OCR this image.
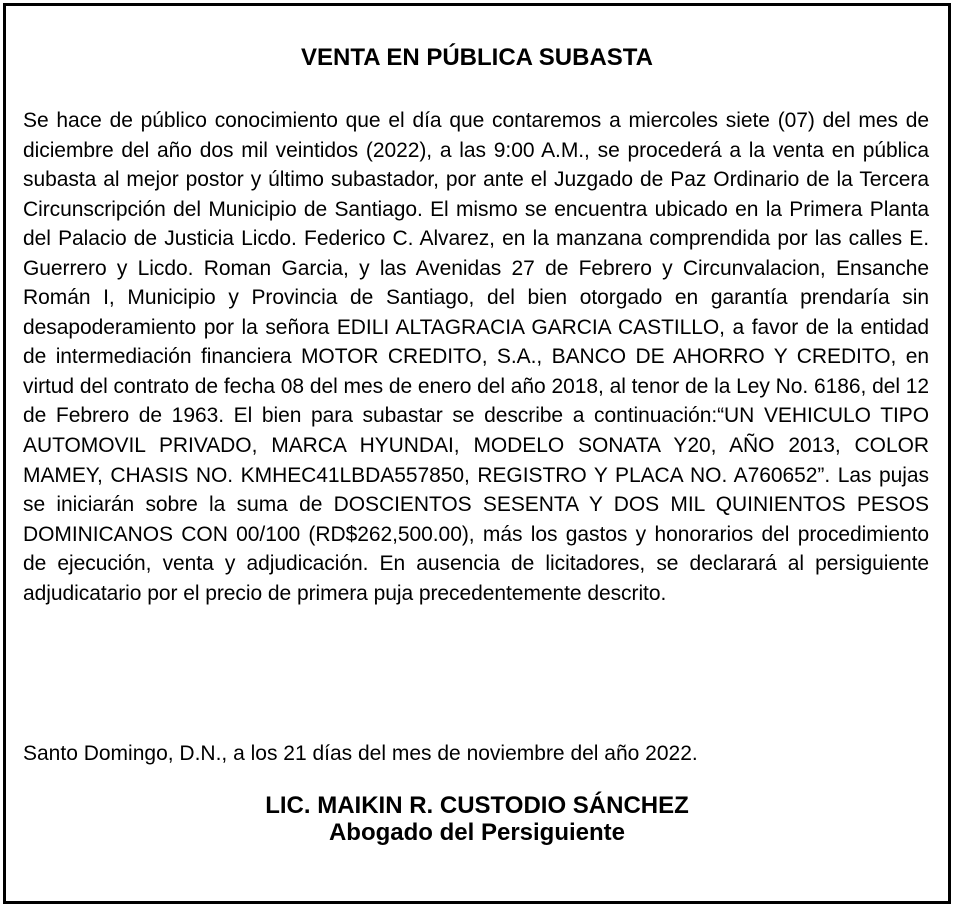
VENTA EN PÚBLICA SUBASTA

Se hace de público conocimiento que el día que contaremos a miercoles siete (07) del mes de diciembre del año dos mil veintidos (2022), a las 9:00 A.M., se procederá a la venta en pública subasta al mejor postor y último subastador, por ante el Juzgado de Paz Ordinario de la Tercera Circunscripción del Municipio de Santiago. El mismo se encuentra ubicado en la Primera Planta del Palacio de Justicia Licdo. Federico C. Alvarez, en la manzana comprendida por las calles E. Guerrero y Licdo. Roman Garcia, y las Avenidas 27 de Febrero y Circunvalacion, Ensanche Román I, Municipio y Provincia de Santiago, del bien otorgado en garantía prendaría sin desapoderamiento por la señora EDILI ALTAGRACIA GARCIA CASTILLO, a favor de la entidad de intermediación financiera MOTOR CREDITO, S.A., BANCO DE AHORRO Y CREDITO, en virtud del contrato de fecha 08 del mes de enero del año 2018, al tenor de la Ley No. 6186, del 12 de Febrero de 1963. El bien para subastar se describe a continuación:“UN VEHICULO TIPO AUTOMOVIL PRIVADO, MARCA HYUNDAI, MODELO SONATA Y20, AÑO 2013, COLOR MAMEY, CHASIS NO. KMHEC41LBDA557850, REGISTRO Y PLACA NO. A760652”. Las pujas se iniciarán sobre la suma de DOSCIENTOS SESENTA Y DOS MIL QUINIENTOS PESOS DOMINICANOS CON 00/100 (RD$262,500.00), más los gastos y honorarios del procedimiento de ejecución, venta y adjudicación. En ausencia de licitadores, se declarará al persiguiente adjudicatario por el precio de primera puja precedentemente descrito.

Santo Domingo, D.N., a los 21 días del mes de noviembre del año 2022.

LIC. MAIKIN R. CUSTODIO SÁNCHEZ
Abogado del Persiguiente
